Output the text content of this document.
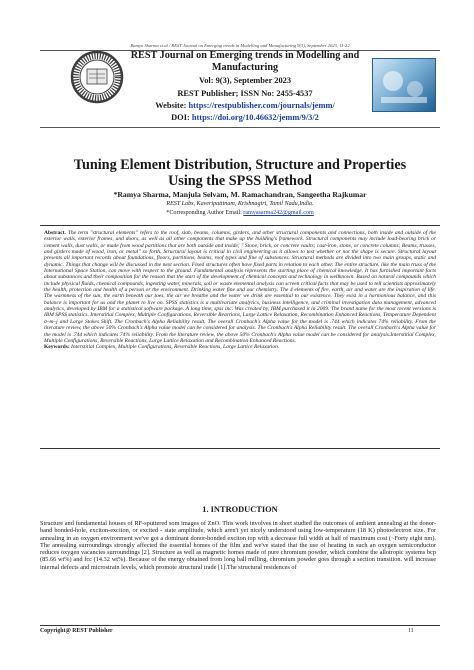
Ramya Sharma et.al / REST Journal on Emerging trends in Modelling and Manufacturing 9(3), September 2023, 11-22
REST Journal on Emerging trends in Modelling and
Manufacturing
Vol: 9(3), September 2023
REST Publisher; ISSN No: 2455-4537
Website: https://restpublisher.com/journals/jemm/
DOI: https://doi.org/10.46632/jemm/9/3/2
Tuning Element Distribution, Structure and Properties
Using the SPSS Method
*Ramya Sharma, Manjula Selvam, M. Ramachandran, Sangeetha Rajkumar
REST Labs, Kaveripattinam, Krishnagiri, Tamil Nadu,India.
*Corresponding Author Email: ramyasarma242@gmail.com
Abstract. The term "structural elements" refers to the roof, slab, beams, columns, girders, and other structural components and connections, both inside and outside of the exterior walls, exterior frames, and doors, as well as all other components that make up the building's framework. Structural components may include load-bearing brick or cement walls, dust walls, or made from wood partitions that are both outside and inside; " Stone, brick, or concrete vaults; cast-iron, stone, or concrete columns; Beams, trusses, and girders made of wood, iron, or metal" so forth. Structural layout is critical in civil engineering as it allows to test whether or not the shape is secure. Structural layout presents all important records about foundations, floors, partitions, beams, roof types and fine of substances. Structural methods are divided into two main groups, static and dynamic. Things that change will be discussed in the next section. Fixed structures often have fixed parts in relation to each other. The entire structure, like the main truss of the International Space Station, can move with respect to the ground. Fundamental analysis represents the starting place of chemical knowledge. It has furnished important facts about substances and their composition for the reason that the start of the development of chemical concepts and technology in wellknown. Based on natural compounds which include physical fluids, chemical compounds, ingesting water, minerals, soil or waste elemental analysis can screen critical facts that may be used to tell scientists approximately the health, protection and health of a person or the environment. Drinking water fine and our chemistry. The 4 elements of fire, earth, air and water are the inspiration of life. The warmness of the sun, the earth beneath our toes, the air we breathe and the water we drink are essential to our existence. They exist in a harmonious balance, and this balance is important for us and the planet to live on. SPSS statistics is a multivariate analytics, business intelligence, and criminal investigation data management, advanced analytics, developed by IBM for a statistical software package. A long time, spss inc. Was created by, IBM purchased it in 2009. The brand name for the most recent versions is IBM SPSS statistics. Interstitial Complex, Multiple Configurations, Reversible Reactions, Large Lattice Relaxation, Recombination Enhanced Reactions, Temperature Dependent σ–m–j and Large Stokes Shift. The Cronbach's Alpha Reliability result. The overall Cronbach's Alpha value for the model is .744 which indicates 74% reliability. From the literature review, the above 50% Cronbach's Alpha value model can be considered for analysis. The Cronbach's Alpha Reliability result. The overall Cronbach's Alpha value for the model is .744 which indicates 74% reliability. From the literature review, the above 50% Cronbach's Alpha value model can be considered for analysis.Interstitial Complex, Multiple Configurations, Reversible Reactions, Large Lattice Relaxation and Recombination Enhanced Reactions.
Keywords: Interstitial Complex, Multiple Configurations, Reversible Reactions, Large Lattice Relaxation.
1. INTRODUCTION
Structure and fundamental houses of RF-sputtered som images of ZnO. This work involves in short studied the outcomes of ambient annealing at the donor-band bonded-hole, exciton-exciton, or excited - state amplitude, which aren't yet nicely understood using low-temperature (18 K) photoelectron size. For annealing in an oxygen environment we've got a dominant donor-bonded exciton top with a decrease full width at half of maximum cost (~Forty eight nm). The annealing surroundings strongly affected the essential homes of the film and we've stated that the use of heating in such an oxygen semiconductor reduces oxygen vacancies surroundings [2]. Structure as well as magnetic homes made of pure chromium powder, which combine the allotropic systems bcp (85.66 wt%) and fcc (14.32 wt%). Because of the energy obtained from long ball milling, chromium powder goes through a section transition. will increase internal defects and microstrain levels, which promote structural trade [1].The structural residences of
Copyright@ REST Publisher	11
